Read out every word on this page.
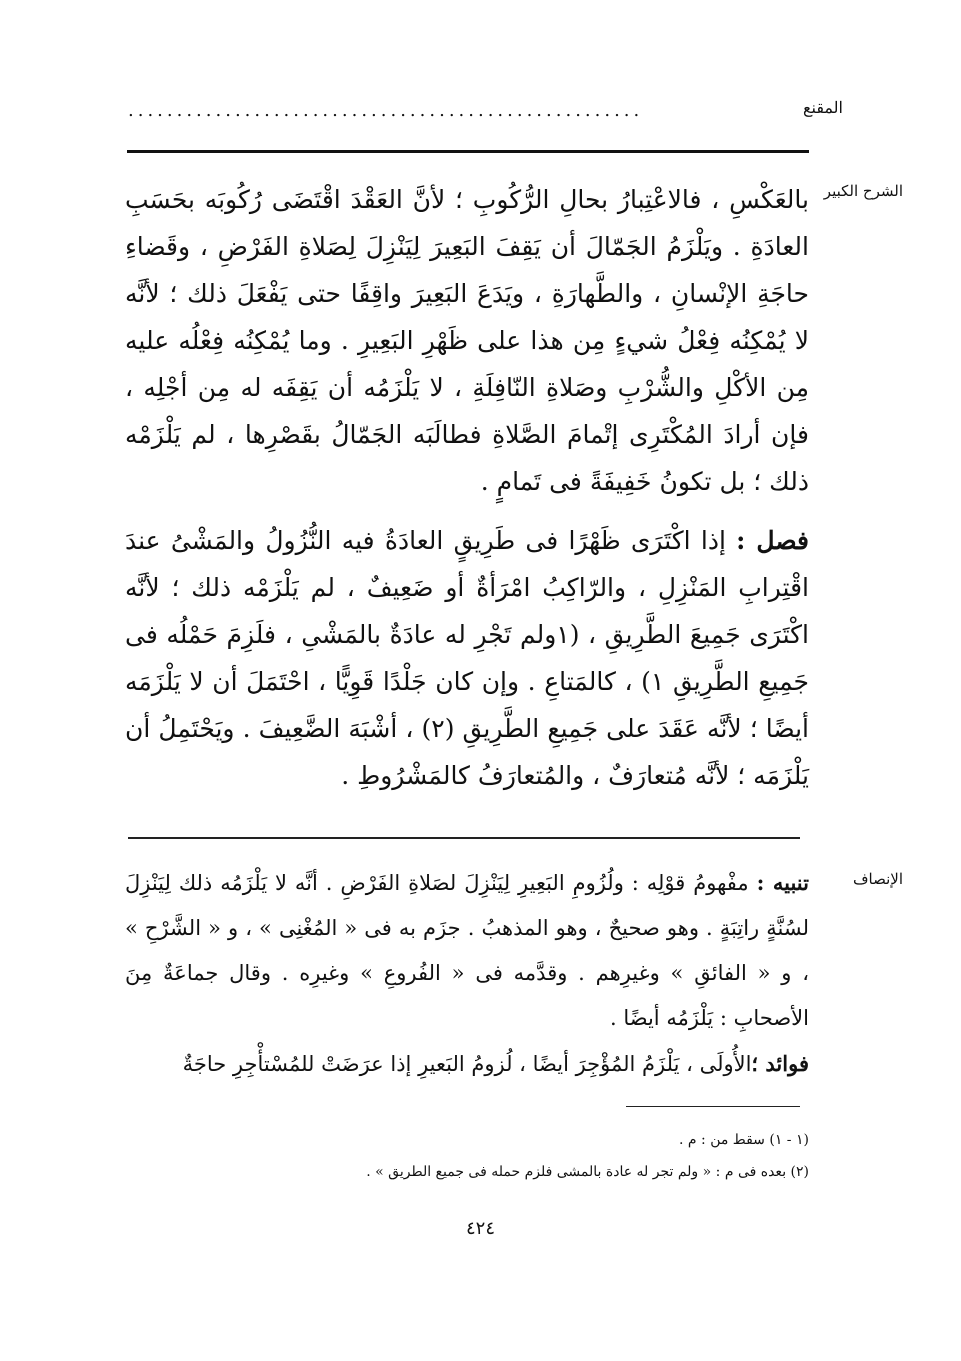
المقنع
.....................................................
الشرح الكبير

بالعَكْسِ ، فالاعْتِبارُ بحالِ الرُّكُوبِ ؛ لأنَّ العَقْدَ اقْتَضَى رُكُوبَه بحَسَبِ العادَةِ . ويَلْزَمُ الجَمّالَ أن يَقِفَ البَعِيرَ لِيَنْزِلَ لِصَلاةِ الفَرْضِ ، وقَضاءِ حاجَةِ الإنْسانِ ، والطَّهارَةِ ، ويَدَعَ البَعِيرَ واقِفًا حتى يَفْعَلَ ذلك ؛ لأنَّه لا يُمْكِنُه فِعْلُ شيءٍ مِن هذا على ظَهْرِ البَعِيرِ . وما يُمْكِنُه فِعْلُه عليه مِن الأكْلِ والشُّرْبِ وصَلاةِ النّافِلَةِ ، لا يَلْزَمُه أن يَقِفَه له مِن أجْلِه ، فإن أرادَ المُكْتَرِى إتْمامَ الصَّلاةِ فطالَبَه الجَمّالُ بقَصْرِها ، لم يَلْزَمْه ذلك ؛ بل تكونُ خَفِيفَةً فى تَمامٍ .

فصل : إذا اكْتَرَى ظَهْرًا فى طَرِيقٍ العادَةُ فيه النُّزُولُ والمَشْىُ عندَ اقْتِرابِ المَنْزِلِ ، والرّاكِبُ امْرَأةٌ أو ضَعِيفٌ ، لم يَلْزَمْه ذلك ؛ لأنَّه اكْتَرَى جَمِيعَ الطَّرِيقِ ، (١ولم تَجْرِ له عادَةٌ بالمَشْىِ ، فلَزِمَ حَمْلُه فى جَمِيعِ الطَّرِيقِ ١) ، كالمَتاعِ . وإن كان جَلْدًا قَوِيًّا ، احْتَمَلَ أن لا يَلْزَمَه أيضًا ؛ لأنَّه عَقَدَ على جَمِيعِ الطَّرِيقِ (٢) ، أشْبَهَ الضَّعِيفَ . ويَحْتَمِلُ أن يَلْزَمَه ؛ لأنَّه مُتعارَفٌ ، والمُتعارَفُ كالمَشْرُوطِ .

الإنصاف

تنبيه : مفْهومُ قوْلِه : ولُزُومِ البَعِيرِ لِيَنْزِلَ لصَلاةِ الفَرْضِ . أنَّه لا يَلْزَمُه ذلك لِيَنْزِلَ لسُنَّةٍ راتِبَةٍ . وهو صحيحٌ ، وهو المذهبُ . جزَم به فى « المُغْنِى » ، و « الشَّرْحِ » ، و « الفائقِ » وغيرِهم . وقدَّمه فى « الفُروعِ » وغيرِه . وقال جماعَةٌ مِنَ الأصحابِ : يَلْزَمُه أيضًا .

فوائد ؛الأُولَى ، يَلْزَمُ المُؤْجِرَ أيضًا ، لُزومُ البَعيرِ إذا عرَضَتْ للمُسْتأْجِرِ حاجَةٌ

(١ - ١) سقط من : م .

(٢) بعده فى م : « ولم تجر له عادة بالمشى فلزم حمله فى جميع الطريق » .

٤٢٤
